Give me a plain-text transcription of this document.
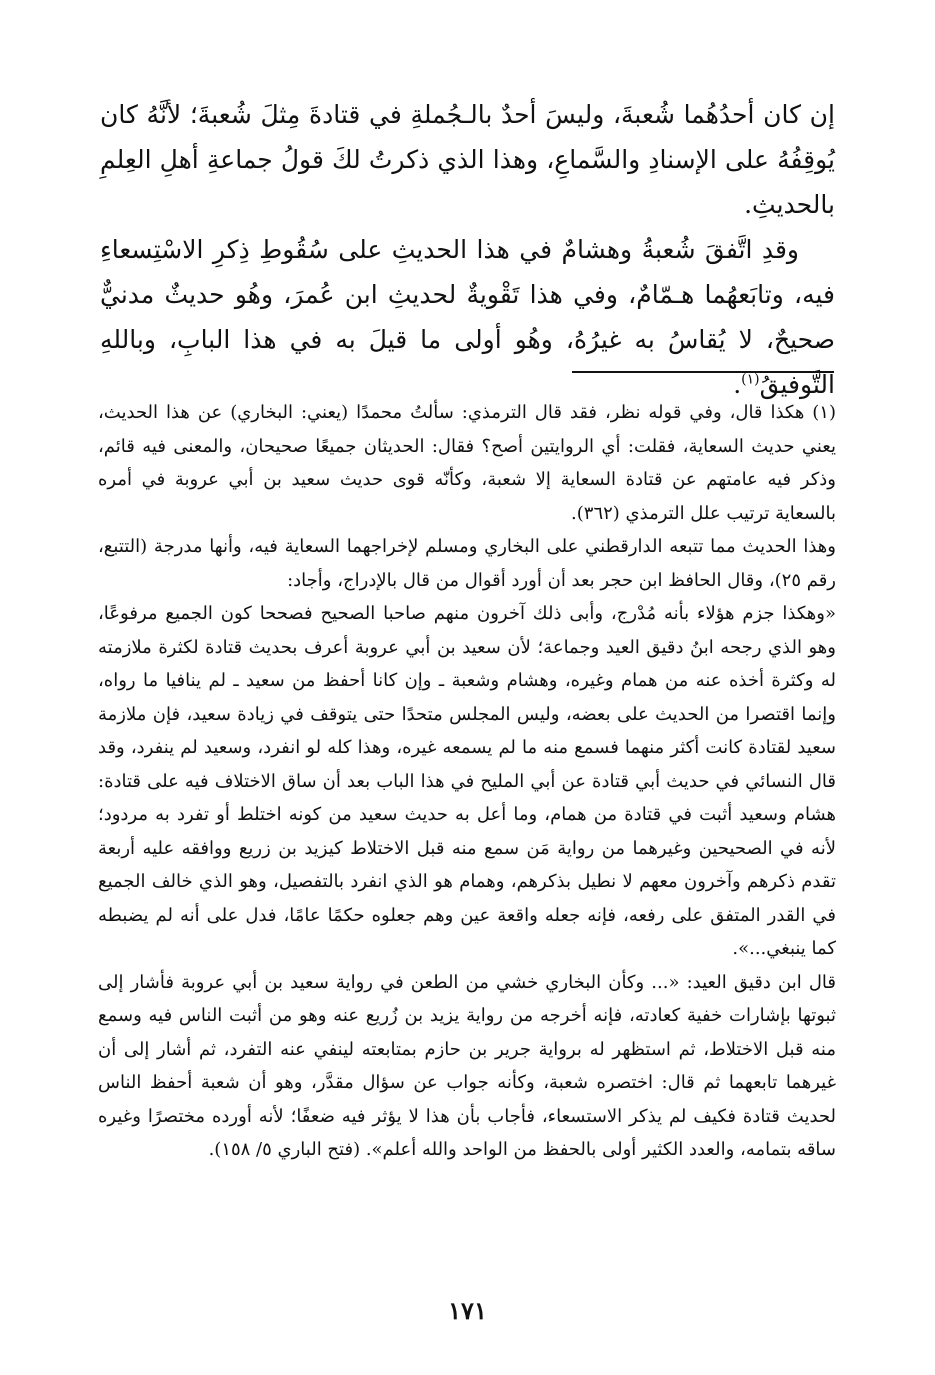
إن كان أحدُهُما شُعبةَ، وليسَ أحدٌ بالـجُملةِ في قتادةَ مِثلَ شُعبةَ؛ لأنَّهُ كان يُوقِفُهُ على الإسنادِ والسَّماعِ، وهذا الذي ذكرتُ لكَ قولُ جماعةِ أهلِ العِلمِ بالحديثِ.

وقدِ اتَّفقَ شُعبةُ وهشامٌ في هذا الحديثِ على سُقُوطِ ذِكرِ الاسْتِسعاءِ فيه، وتابَعهُما هـمّامٌ، وفي هذا تَقْويةٌ لحديثِ ابن عُمرَ، وهُو حديثٌ مدنيٌّ صحيحٌ، لا يُقاسُ به غيرُهُ، وهُو أولى ما قيلَ به في هذا البابِ، وباللهِ التَّوفيقُ$^{(١)}$.

(١) هكذا قال، وفي قوله نظر، فقد قال الترمذي: سألتُ محمدًا (يعني: البخاري) عن هذا الحديث، يعني حديث السعاية، فقلت: أي الروايتين أصح؟ فقال: الحديثان جميعًا صحيحان، والمعنى فيه قائم، وذكر فيه عامتهم عن قتادة السعاية إلا شعبة، وكأنّه قوى حديث سعيد بن أبي عروبة في أمره بالسعاية ترتيب علل الترمذي (٣٦٢).

وهذا الحديث مما تتبعه الدارقطني على البخاري ومسلم لإخراجهما السعاية فيه، وأنها مدرجة (التتبع، رقم ٢٥)، وقال الحافظ ابن حجر بعد أن أورد أقوال من قال بالإدراج، وأجاد:

«وهكذا جزم هؤلاء بأنه مُدْرج، وأبى ذلك آخرون منهم صاحبا الصحيح فصححا كون الجميع مرفوعًا، وهو الذي رجحه ابنُ دقيق العيد وجماعة؛ لأن سعيد بن أبي عروبة أعرف بحديث قتادة لكثرة ملازمته له وكثرة أخذه عنه من همام وغيره، وهشام وشعبة ـ وإن كانا أحفظ من سعيد ـ لم ينافيا ما رواه، وإنما اقتصرا من الحديث على بعضه، وليس المجلس متحدًا حتى يتوقف في زيادة سعيد، فإن ملازمة سعيد لقتادة كانت أكثر منهما فسمع منه ما لم يسمعه غيره، وهذا كله لو انفرد، وسعيد لم ينفرد، وقد قال النسائي في حديث أبي قتادة عن أبي المليح في هذا الباب بعد أن ساق الاختلاف فيه على قتادة: هشام وسعيد أثبت في قتادة من همام، وما أعل به حديث سعيد من كونه اختلط أو تفرد به مردود؛ لأنه في الصحيحين وغيرهما من رواية مَن سمع منه قبل الاختلاط كيزيد بن زريع ووافقه عليه أربعة تقدم ذكرهم وآخرون معهم لا نطيل بذكرهم، وهمام هو الذي انفرد بالتفصيل، وهو الذي خالف الجميع في القدر المتفق على رفعه، فإنه جعله واقعة عين وهم جعلوه حكمًا عامًا، فدل على أنه لم يضبطه كما ينبغي...».

قال ابن دقيق العيد: «... وكأن البخاري خشي من الطعن في رواية سعيد بن أبي عروبة فأشار إلى ثبوتها بإشارات خفية كعادته، فإنه أخرجه من رواية يزيد بن زُريع عنه وهو من أثبت الناس فيه وسمع منه قبل الاختلاط، ثم استظهر له برواية جرير بن حازم بمتابعته لينفي عنه التفرد، ثم أشار إلى أن غيرهما تابعهما ثم قال: اختصره شعبة، وكأنه جواب عن سؤال مقدَّر، وهو أن شعبة أحفظ الناس لحديث قتادة فكيف لم يذكر الاستسعاء، فأجاب بأن هذا لا يؤثر فيه ضعفًا؛ لأنه أورده مختصرًا وغيره ساقه بتمامه، والعدد الكثير أولى بالحفظ من الواحد والله أعلم». (فتح الباري ٥/ ١٥٨).

١٧١
